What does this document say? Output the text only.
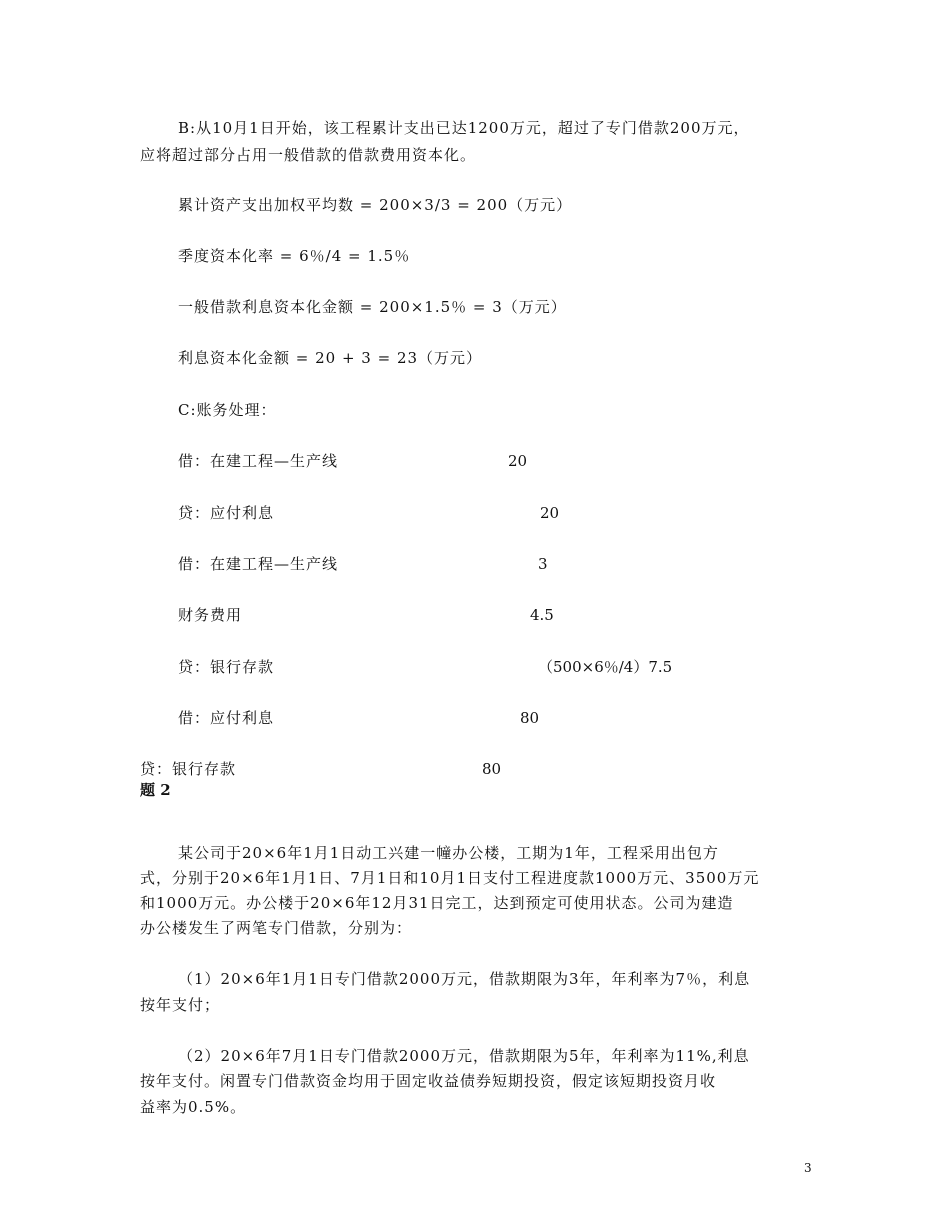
B:从10月1日开始，该工程累计支出已达1200万元，超过了专门借款200万元，
应将超过部分占用一般借款的借款费用资本化。
累计资产支出加权平均数 = 200×3/3 = 200（万元）
季度资本化率 = 6％/4 = 1.5％
一般借款利息资本化金额 = 200×1.5％ = 3（万元）
利息资本化金额 = 20 + 3 = 23（万元）
C:账务处理：
借：在建工程—生产线	20
贷：应付利息	20
借：在建工程—生产线	3
财务费用	4.5
贷：银行存款	（500×6％/4）7.5
借：应付利息	80
贷：银行存款	80
题 2
某公司于20×6年1月1日动工兴建一幢办公楼，工期为1年，工程采用出包方
式，分别于20×6年1月1日、7月1日和10月1日支付工程进度款1000万元、3500万元
和1000万元。办公楼于20×6年12月31日完工，达到预定可使用状态。公司为建造
办公楼发生了两笔专门借款，分别为：
（1）20×6年1月1日专门借款2000万元，借款期限为3年，年利率为7％，利息
按年支付；
（2）20×6年7月1日专门借款2000万元，借款期限为5年，年利率为11%,利息
按年支付。闲置专门借款资金均用于固定收益债券短期投资，假定该短期投资月收
益率为0.5%。
3
